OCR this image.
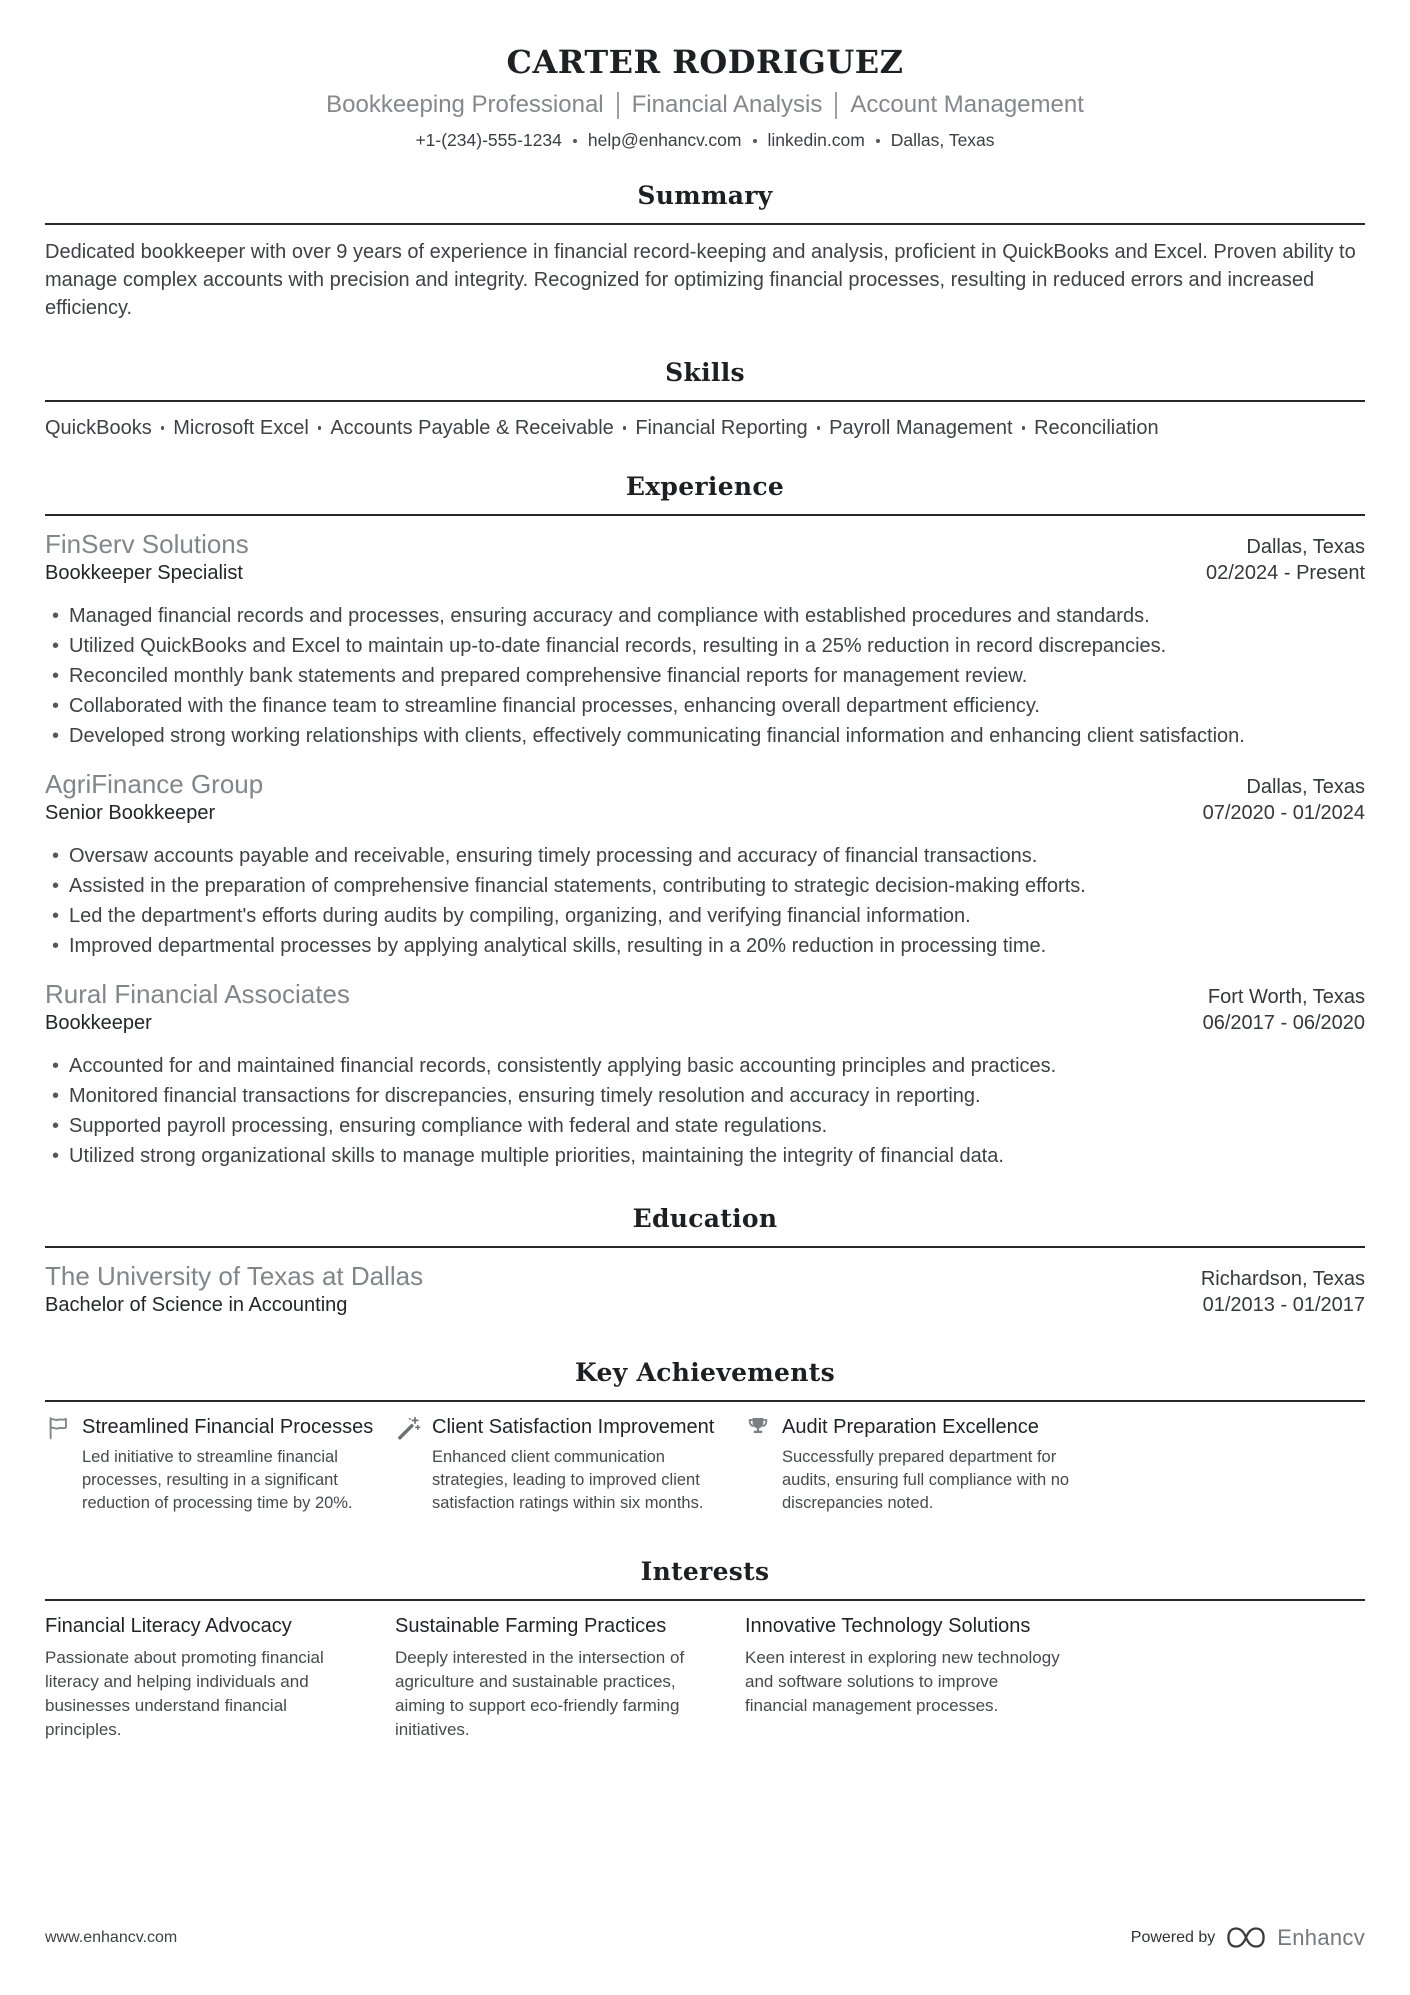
CARTER RODRIGUEZ
Bookkeeping Professional Financial Analysis Account Management
+1-(234)-555-1234 help@enhancv.com linkedin.com Dallas, Texas
Summary

Dedicated bookkeeper with over 9 years of experience in financial record-keeping and analysis, proficient in QuickBooks and Excel. Proven ability to manage complex accounts with precision and integrity. Recognized for optimizing financial processes, resulting in reduced errors and increased efficiency.

Skills
QuickBooks Microsoft Excel Accounts Payable & Receivable Financial Reporting Payroll Management Reconciliation
Experience
FinServ Solutions	Dallas, Texas
Bookkeeper Specialist	02/2024 - Present
• Managed financial records and processes, ensuring accuracy and compliance with established procedures and standards.
• Utilized QuickBooks and Excel to maintain up-to-date financial records, resulting in a 25% reduction in record discrepancies.
• Reconciled monthly bank statements and prepared comprehensive financial reports for management review.
• Collaborated with the finance team to streamline financial processes, enhancing overall department efficiency.
• Developed strong working relationships with clients, effectively communicating financial information and enhancing client satisfaction.
AgriFinance Group	Dallas, Texas
Senior Bookkeeper	07/2020 - 01/2024
• Oversaw accounts payable and receivable, ensuring timely processing and accuracy of financial transactions.
• Assisted in the preparation of comprehensive financial statements, contributing to strategic decision-making efforts.
• Led the department's efforts during audits by compiling, organizing, and verifying financial information.
• Improved departmental processes by applying analytical skills, resulting in a 20% reduction in processing time.
Rural Financial Associates	Fort Worth, Texas
Bookkeeper	06/2017 - 06/2020
• Accounted for and maintained financial records, consistently applying basic accounting principles and practices.
• Monitored financial transactions for discrepancies, ensuring timely resolution and accuracy in reporting.
• Supported payroll processing, ensuring compliance with federal and state regulations.
• Utilized strong organizational skills to manage multiple priorities, maintaining the integrity of financial data.
Education
The University of Texas at Dallas	Richardson, Texas
Bachelor of Science in Accounting	01/2013 - 01/2017
Key Achievements
Streamlined Financial Processes
Led initiative to streamline financial processes, resulting in a significant reduction of processing time by 20%.
Client Satisfaction Improvement
Enhanced client communication strategies, leading to improved client satisfaction ratings within six months.
Audit Preparation Excellence
Successfully prepared department for audits, ensuring full compliance with no discrepancies noted.
Interests
Financial Literacy Advocacy
Passionate about promoting financial literacy and helping individuals and businesses understand financial principles.
Sustainable Farming Practices
Deeply interested in the intersection of agriculture and sustainable practices, aiming to support eco-friendly farming initiatives.
Innovative Technology Solutions
Keen interest in exploring new technology and software solutions to improve financial management processes.
www.enhancv.com	Powered by	Enhancv
